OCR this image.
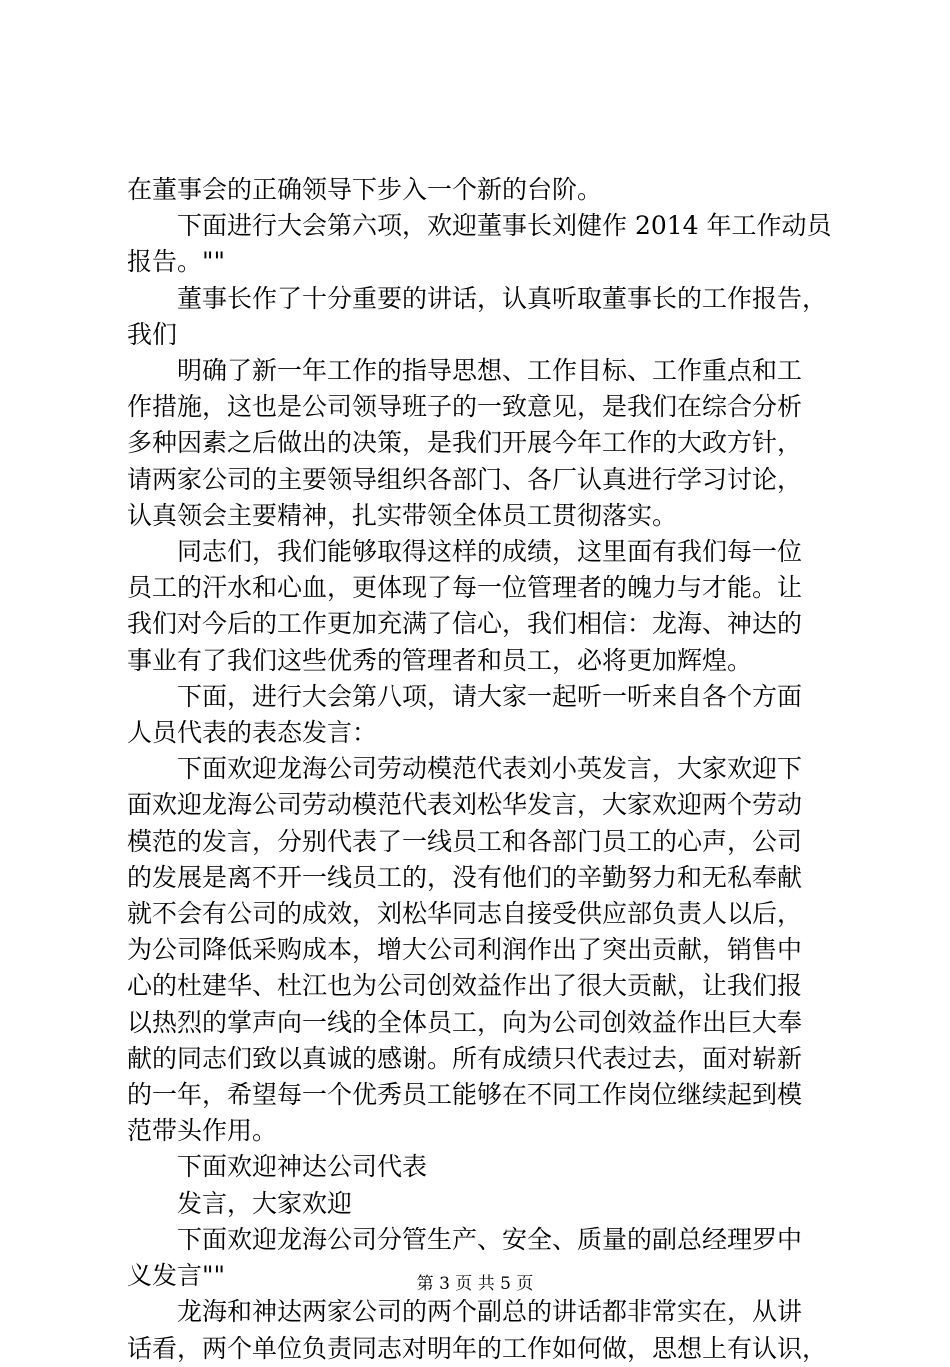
在董事会的正确领导下步入一个新的台阶。
　　下面进行大会第六项，欢迎董事长刘健作 2014 年工作动员
报告。""
　　董事长作了十分重要的讲话，认真听取董事长的工作报告，
我们
　　明确了新一年工作的指导思想、工作目标、工作重点和工
作措施，这也是公司领导班子的一致意见，是我们在综合分析
多种因素之后做出的决策，是我们开展今年工作的大政方针，
请两家公司的主要领导组织各部门、各厂认真进行学习讨论，
认真领会主要精神，扎实带领全体员工贯彻落实。
　　同志们，我们能够取得这样的成绩，这里面有我们每一位
员工的汗水和心血，更体现了每一位管理者的魄力与才能。让
我们对今后的工作更加充满了信心，我们相信：龙海、神达的
事业有了我们这些优秀的管理者和员工，必将更加辉煌。
　　下面，进行大会第八项，请大家一起听一听来自各个方面
人员代表的表态发言：
　　下面欢迎龙海公司劳动模范代表刘小英发言，大家欢迎下
面欢迎龙海公司劳动模范代表刘松华发言，大家欢迎两个劳动
模范的发言，分别代表了一线员工和各部门员工的心声，公司
的发展是离不开一线员工的，没有他们的辛勤努力和无私奉献
就不会有公司的成效，刘松华同志自接受供应部负责人以后，
为公司降低采购成本，增大公司利润作出了突出贡献，销售中
心的杜建华、杜江也为公司创效益作出了很大贡献，让我们报
以热烈的掌声向一线的全体员工，向为公司创效益作出巨大奉
献的同志们致以真诚的感谢。所有成绩只代表过去，面对崭新
的一年，希望每一个优秀员工能够在不同工作岗位继续起到模
范带头作用。
　　下面欢迎神达公司代表
　　发言，大家欢迎
　　下面欢迎龙海公司分管生产、安全、质量的副总经理罗中
义发言""
　　龙海和神达两家公司的两个副总的讲话都非常实在，从讲
话看，两个单位负责同志对明年的工作如何做，思想上有认识，

第 3 页 共 5 页
